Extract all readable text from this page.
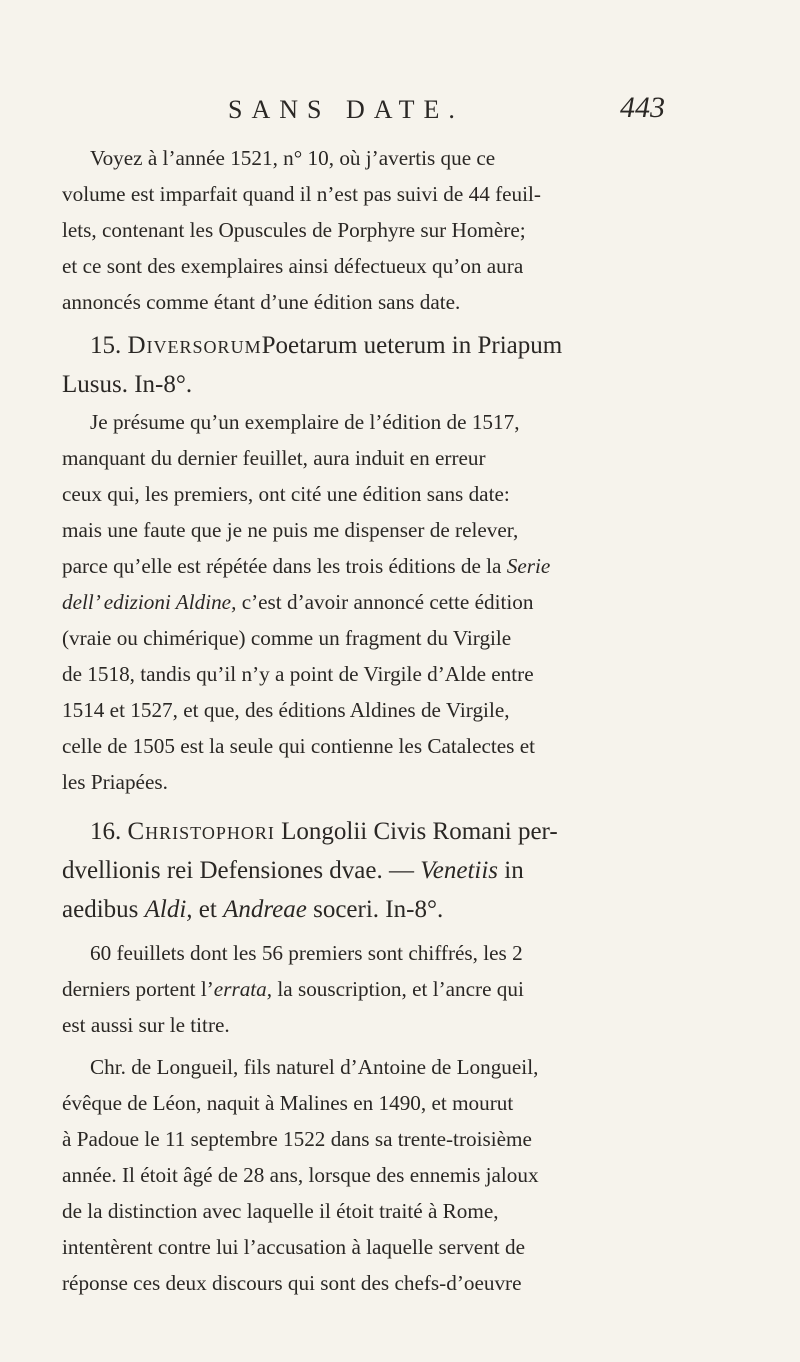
SANS DATE.	443

Voyez à l’année 1521, n° 10, où j’avertis que ce
volume est imparfait quand il n’est pas suivi de 44 feuil-
lets, contenant les Opuscules de Porphyre sur Homère;
et ce sont des exemplaires ainsi défectueux qu’on aura
annoncés comme étant d’une édition sans date.

15. DiversorumPoetarum ueterum in Priapum
Lusus. In-8°.

Je présume qu’un exemplaire de l’édition de 1517,
manquant du dernier feuillet, aura induit en erreur
ceux qui, les premiers, ont cité une édition sans date:
mais une faute que je ne puis me dispenser de relever,
parce qu’elle est répétée dans les trois éditions de la Serie
dell’ edizioni Aldine, c’est d’avoir annoncé cette édition
(vraie ou chimérique) comme un fragment du Virgile
de 1518, tandis qu’il n’y a point de Virgile d’Alde entre
1514 et 1527, et que, des éditions Aldines de Virgile,
celle de 1505 est la seule qui contienne les Catalectes et
les Priapées.

16. Christophori Longolii Civis Romani per-
dvellionis rei Defensiones dvae. — Venetiis in
aedibus Aldi, et Andreae soceri. In-8°.

60 feuillets dont les 56 premiers sont chiffrés, les 2
derniers portent l’errata, la souscription, et l’ancre qui
est aussi sur le titre.

Chr. de Longueil, fils naturel d’Antoine de Longueil,
évêque de Léon, naquit à Malines en 1490, et mourut
à Padoue le 11 septembre 1522 dans sa trente-troisième
année. Il étoit âgé de 28 ans, lorsque des ennemis jaloux
de la distinction avec laquelle il étoit traité à Rome,
intentèrent contre lui l’accusation à laquelle servent de
réponse ces deux discours qui sont des chefs-d’oeuvre
